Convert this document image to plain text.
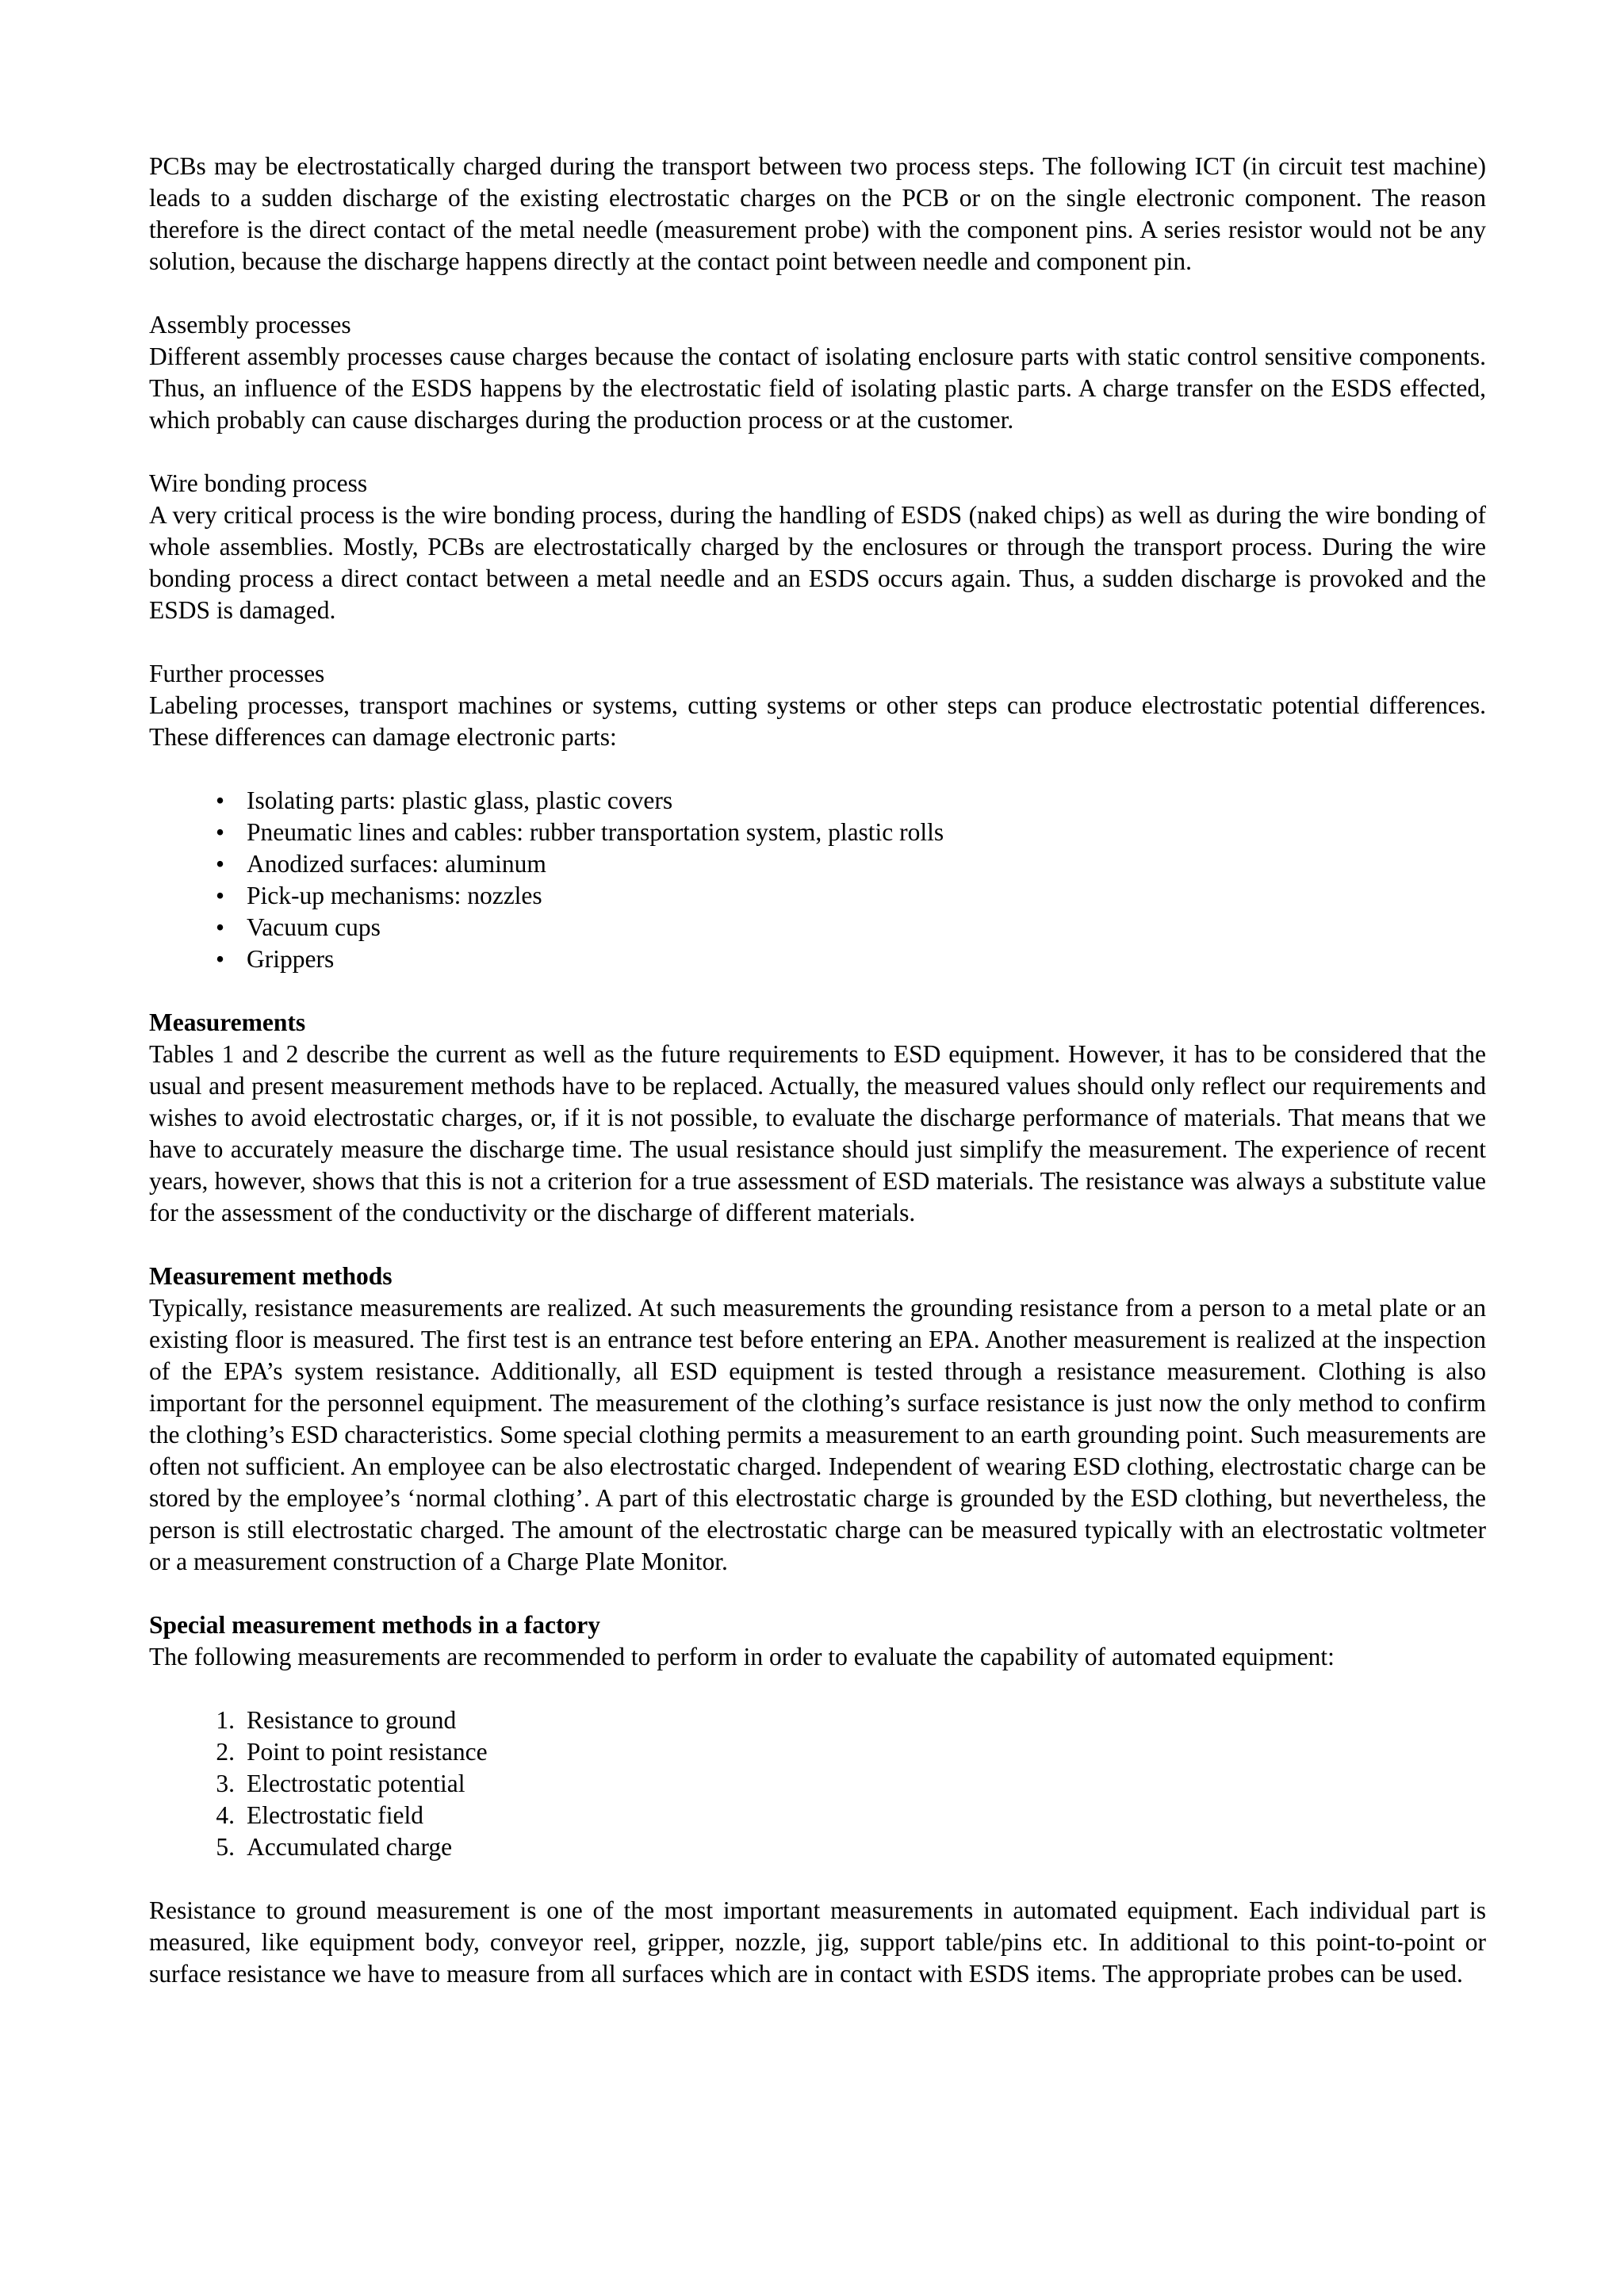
PCBs may be electrostatically charged during the transport between two process steps. The following ICT (in circuit test machine) leads to a sudden discharge of the existing electrostatic charges on the PCB or on the single electronic component. The reason therefore is the direct contact of the metal needle (measurement probe) with the component pins. A series resistor would not be any solution, because the discharge happens directly at the contact point between needle and component pin.

Assembly processes

Different assembly processes cause charges because the contact of isolating enclosure parts with static control sensitive components. Thus, an influence of the ESDS happens by the electrostatic field of isolating plastic parts. A charge transfer on the ESDS effected, which probably can cause discharges during the production process or at the customer.

Wire bonding process

A very critical process is the wire bonding process, during the handling of ESDS (naked chips) as well as during the wire bonding of whole assemblies. Mostly, PCBs are electrostatically charged by the enclosures or through the transport process. During the wire bonding process a direct contact between a metal needle and an ESDS occurs again. Thus, a sudden discharge is provoked and the ESDS is damaged.

Further processes

Labeling processes, transport machines or systems, cutting systems or other steps can produce electrostatic potential differences. These differences can damage electronic parts:

• Isolating parts: plastic glass, plastic covers
• Pneumatic lines and cables: rubber transportation system, plastic rolls
• Anodized surfaces: aluminum
• Pick-up mechanisms: nozzles
• Vacuum cups
• Grippers
Measurements

Tables 1 and 2 describe the current as well as the future requirements to ESD equipment. However, it has to be considered that the usual and present measurement methods have to be replaced. Actually, the measured values should only reflect our requirements and wishes to avoid electrostatic charges, or, if it is not possible, to evaluate the discharge performance of materials. That means that we have to accurately measure the discharge time. The usual resistance should just simplify the measurement. The experience of recent years, however, shows that this is not a criterion for a true assessment of ESD materials. The resistance was always a substitute value for the assessment of the conductivity or the discharge of different materials.

Measurement methods

Typically, resistance measurements are realized. At such measurements the grounding resistance from a person to a metal plate or an existing floor is measured. The first test is an entrance test before entering an EPA. Another measurement is realized at the inspection of the EPA’s system resistance. Additionally, all ESD equipment is tested through a resistance measurement. Clothing is also important for the personnel equipment. The measurement of the clothing’s surface resistance is just now the only method to confirm the clothing’s ESD characteristics. Some special clothing permits a measurement to an earth grounding point. Such measurements are often not sufficient. An employee can be also electrostatic charged. Independent of wearing ESD clothing, electrostatic charge can be stored by the employee’s ‘normal clothing’. A part of this electrostatic charge is grounded by the ESD clothing, but nevertheless, the person is still electrostatic charged. The amount of the electrostatic charge can be measured typically with an electrostatic voltmeter or a measurement construction of a Charge Plate Monitor.

Special measurement methods in a factory

The following measurements are recommended to perform in order to evaluate the capability of automated equipment:

1. Resistance to ground
2. Point to point resistance
3. Electrostatic potential
4. Electrostatic field
5. Accumulated charge

Resistance to ground measurement is one of the most important measurements in automated equipment. Each individual part is measured, like equipment body, conveyor reel, gripper, nozzle, jig, support table/pins etc. In additional to this point-to-point or surface resistance we have to measure from all surfaces which are in contact with ESDS items. The appropriate probes can be used.
